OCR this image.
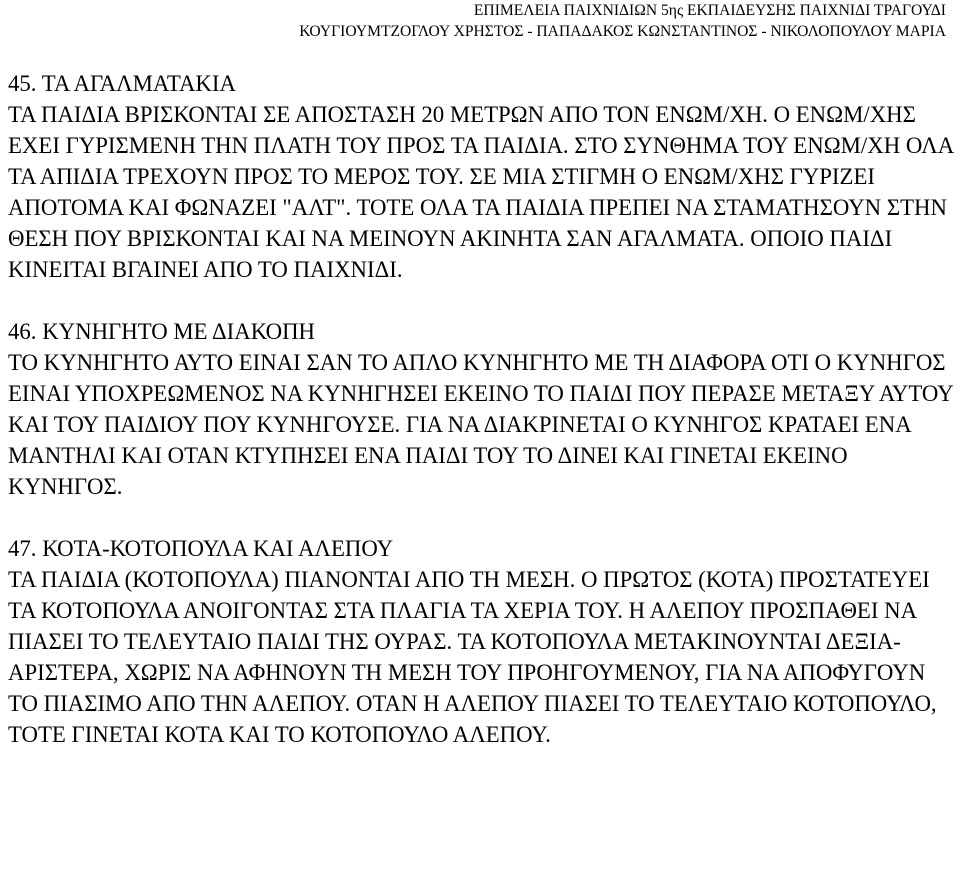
ΕΠΙΜΕΛΕΙΑ ΠΑΙΧΝΙΔΙΩΝ 5ης ΕΚΠΑΙΔΕΥΣΗΣ ΠΑΙΧΝΙΔΙ ΤΡΑΓΟΥΔΙ
ΚΟΥΓΙΟΥΜΤΖΟΓΛΟΥ ΧΡΗΣΤΟΣ - ΠΑΠΑΔΑΚΟΣ ΚΩΝΣΤΑΝΤΙΝΟΣ - ΝΙΚΟΛΟΠΟΥΛΟΥ ΜΑΡΙΑ
45. ΤΑ ΑΓΑΛΜΑΤΑΚΙΑ
ΤΑ ΠΑΙΔΙΑ ΒΡΙΣΚΟΝΤΑΙ ΣΕ ΑΠΟΣΤΑΣΗ 20 ΜΕΤΡΩΝ ΑΠΟ ΤΟΝ ΕΝΩΜ/ΧΗ. Ο ΕΝΩΜ/ΧΗΣ ΕΧΕΙ ΓΥΡΙΣΜΕΝΗ ΤΗΝ ΠΛΑΤΗ ΤΟΥ ΠΡΟΣ ΤΑ ΠΑΙΔΙΑ. ΣΤΟ ΣΥΝΘΗΜΑ ΤΟΥ ΕΝΩΜ/ΧΗ ΟΛΑ ΤΑ ΑΠΙΔΙΑ ΤΡΕΧΟΥΝ ΠΡΟΣ ΤΟ ΜΕΡΟΣ ΤΟΥ. ΣΕ ΜΙΑ ΣΤΙΓΜΗ Ο ΕΝΩΜ/ΧΗΣ ΓΥΡΙΖΕΙ ΑΠΟΤΟΜΑ ΚΑΙ ΦΩΝΑΖΕΙ "ΑΛΤ". ΤΟΤΕ ΟΛΑ ΤΑ ΠΑΙΔΙΑ ΠΡΕΠΕΙ ΝΑ ΣΤΑΜΑΤΗΣΟΥΝ ΣΤΗΝ ΘΕΣΗ ΠΟΥ ΒΡΙΣΚΟΝΤΑΙ ΚΑΙ ΝΑ ΜΕΙΝΟΥΝ ΑΚΙΝΗΤΑ ΣΑΝ ΑΓΑΛΜΑΤΑ. ΟΠΟΙΟ ΠΑΙΔΙ ΚΙΝΕΙΤΑΙ ΒΓΑΙΝΕΙ ΑΠΟ ΤΟ ΠΑΙΧΝΙΔΙ.
46. ΚΥΝΗΓΗΤΟ ΜΕ ΔΙΑΚΟΠΗ
ΤΟ ΚΥΝΗΓΗΤΟ ΑΥΤΟ ΕΙΝΑΙ ΣΑΝ ΤΟ ΑΠΛΟ ΚΥΝΗΓΗΤΟ ΜΕ ΤΗ ΔΙΑΦΟΡΑ ΟΤΙ Ο ΚΥΝΗΓΟΣ ΕΙΝΑΙ ΥΠΟΧΡΕΩΜΕΝΟΣ ΝΑ ΚΥΝΗΓΗΣΕΙ ΕΚΕΙΝΟ ΤΟ ΠΑΙΔΙ ΠΟΥ ΠΕΡΑΣΕ ΜΕΤΑΞΥ ΑΥΤΟΥ ΚΑΙ ΤΟΥ ΠΑΙΔΙΟΥ ΠΟΥ ΚΥΝΗΓΟΥΣΕ. ΓΙΑ ΝΑ ΔΙΑΚΡΙΝΕΤΑΙ Ο ΚΥΝΗΓΟΣ ΚΡΑΤΑΕΙ ΕΝΑ ΜΑΝΤΗΛΙ ΚΑΙ ΟΤΑΝ ΚΤΥΠΗΣΕΙ ΕΝΑ ΠΑΙΔΙ ΤΟΥ ΤΟ ΔΙΝΕΙ ΚΑΙ ΓΙΝΕΤΑΙ ΕΚΕΙΝΟ ΚΥΝΗΓΟΣ.
47. ΚΟΤΑ-ΚΟΤΟΠΟΥΛΑ ΚΑΙ ΑΛΕΠΟΥ
ΤΑ ΠΑΙΔΙΑ (ΚΟΤΟΠΟΥΛΑ) ΠΙΑΝΟΝΤΑΙ ΑΠΟ ΤΗ ΜΕΣΗ. Ο ΠΡΩΤΟΣ (ΚΟΤΑ) ΠΡΟΣΤΑΤΕΥΕΙ ΤΑ ΚΟΤΟΠΟΥΛΑ ΑΝΟΙΓΟΝΤΑΣ ΣΤΑ ΠΛΑΓΙΑ ΤΑ ΧΕΡΙΑ ΤΟΥ. Η ΑΛΕΠΟΥ ΠΡΟΣΠΑΘΕΙ ΝΑ ΠΙΑΣΕΙ ΤΟ ΤΕΛΕΥΤΑΙΟ ΠΑΙΔΙ ΤΗΣ ΟΥΡΑΣ. ΤΑ ΚΟΤΟΠΟΥΛΑ ΜΕΤΑΚΙΝΟΥΝΤΑΙ ΔΕΞΙΑ-ΑΡΙΣΤΕΡΑ, ΧΩΡΙΣ ΝΑ ΑΦΗΝΟΥΝ ΤΗ ΜΕΣΗ ΤΟΥ ΠΡΟΗΓΟΥΜΕΝΟΥ, ΓΙΑ ΝΑ ΑΠΟΦΥΓΟΥΝ ΤΟ ΠΙΑΣΙΜΟ ΑΠΟ ΤΗΝ ΑΛΕΠΟΥ. ΟΤΑΝ Η ΑΛΕΠΟΥ ΠΙΑΣΕΙ ΤΟ ΤΕΛΕΥΤΑΙΟ ΚΟΤΟΠΟΥΛΟ, ΤΟΤΕ ΓΙΝΕΤΑΙ ΚΟΤΑ ΚΑΙ ΤΟ ΚΟΤΟΠΟΥΛΟ ΑΛΕΠΟΥ.
